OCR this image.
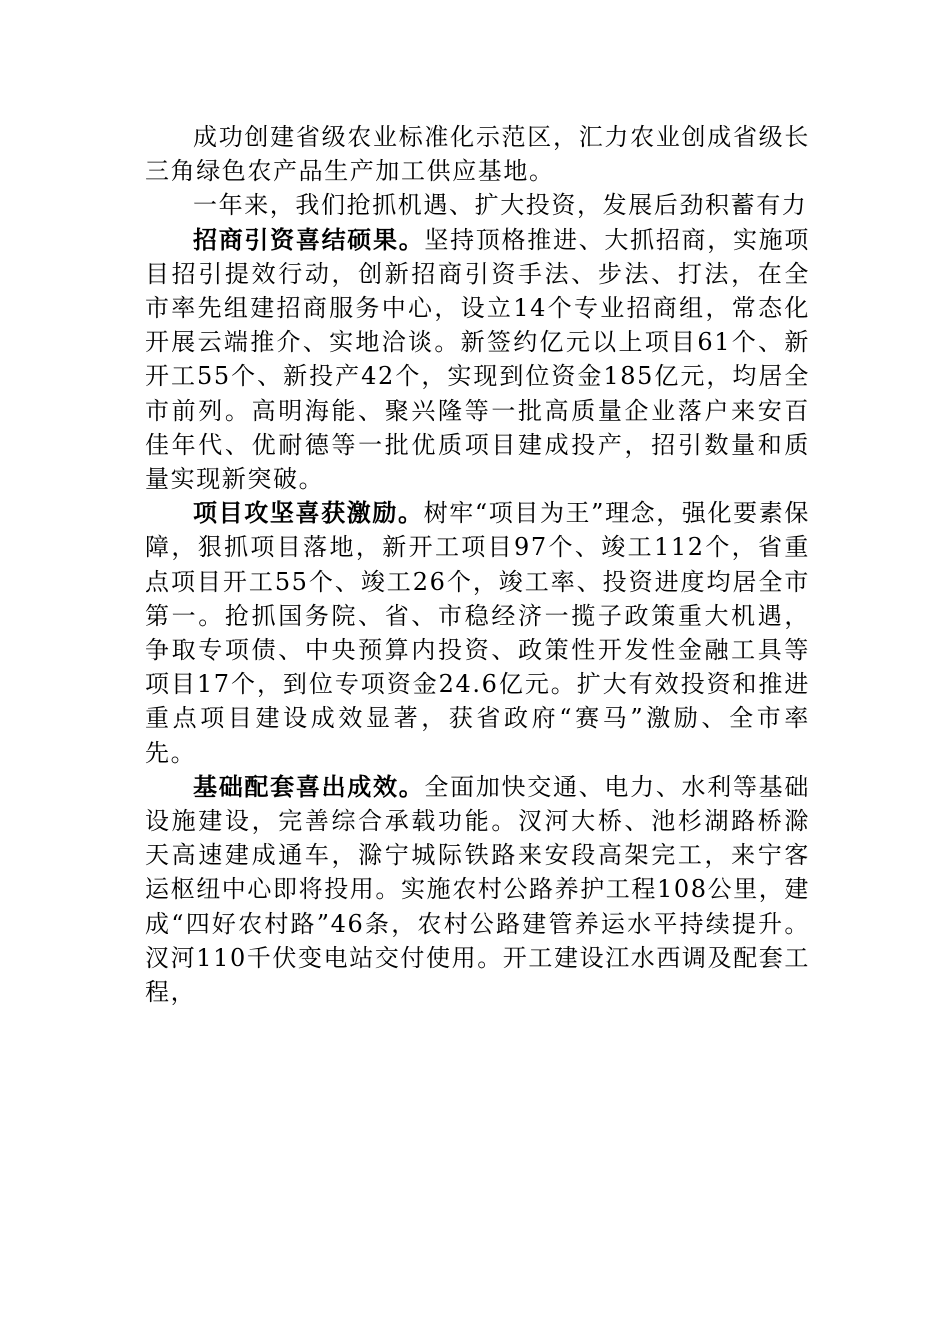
成功创建省级农业标准化示范区，汇力农业创成省级长三角绿色农产品生产加工供应基地。

一年来，我们抢抓机遇、扩大投资，发展后劲积蓄有力

招商引资喜结硕果。坚持顶格推进、大抓招商，实施项目招引提效行动，创新招商引资手法、步法、打法，在全市率先组建招商服务中心，设立14个专业招商组，常态化开展云端推介、实地洽谈。新签约亿元以上项目61个、新开工55个、新投产42个，实现到位资金185亿元，均居全市前列。高明海能、聚兴隆等一批高质量企业落户来安百佳年代、优耐德等一批优质项目建成投产，招引数量和质量实现新突破。

项目攻坚喜获激励。树牢“项目为王”理念，强化要素保障，狠抓项目落地，新开工项目97个、竣工112个，省重点项目开工55个、竣工26个，竣工率、投资进度均居全市第一。抢抓国务院、省、市稳经济一揽子政策重大机遇，争取专项债、中央预算内投资、政策性开发性金融工具等项目17个，到位专项资金24.6亿元。扩大有效投资和推进重点项目建设成效显著，获省政府“赛马”激励、全市率先。

基础配套喜出成效。全面加快交通、电力、水利等基础设施建设，完善综合承载功能。汊河大桥、池杉湖路桥滁天高速建成通车，滁宁城际铁路来安段高架完工，来宁客运枢纽中心即将投用。实施农村公路养护工程108公里，建成“四好农村路”46条，农村公路建管养运水平持续提升。汊河110千伏变电站交付使用。开工建设江水西调及配套工程，
